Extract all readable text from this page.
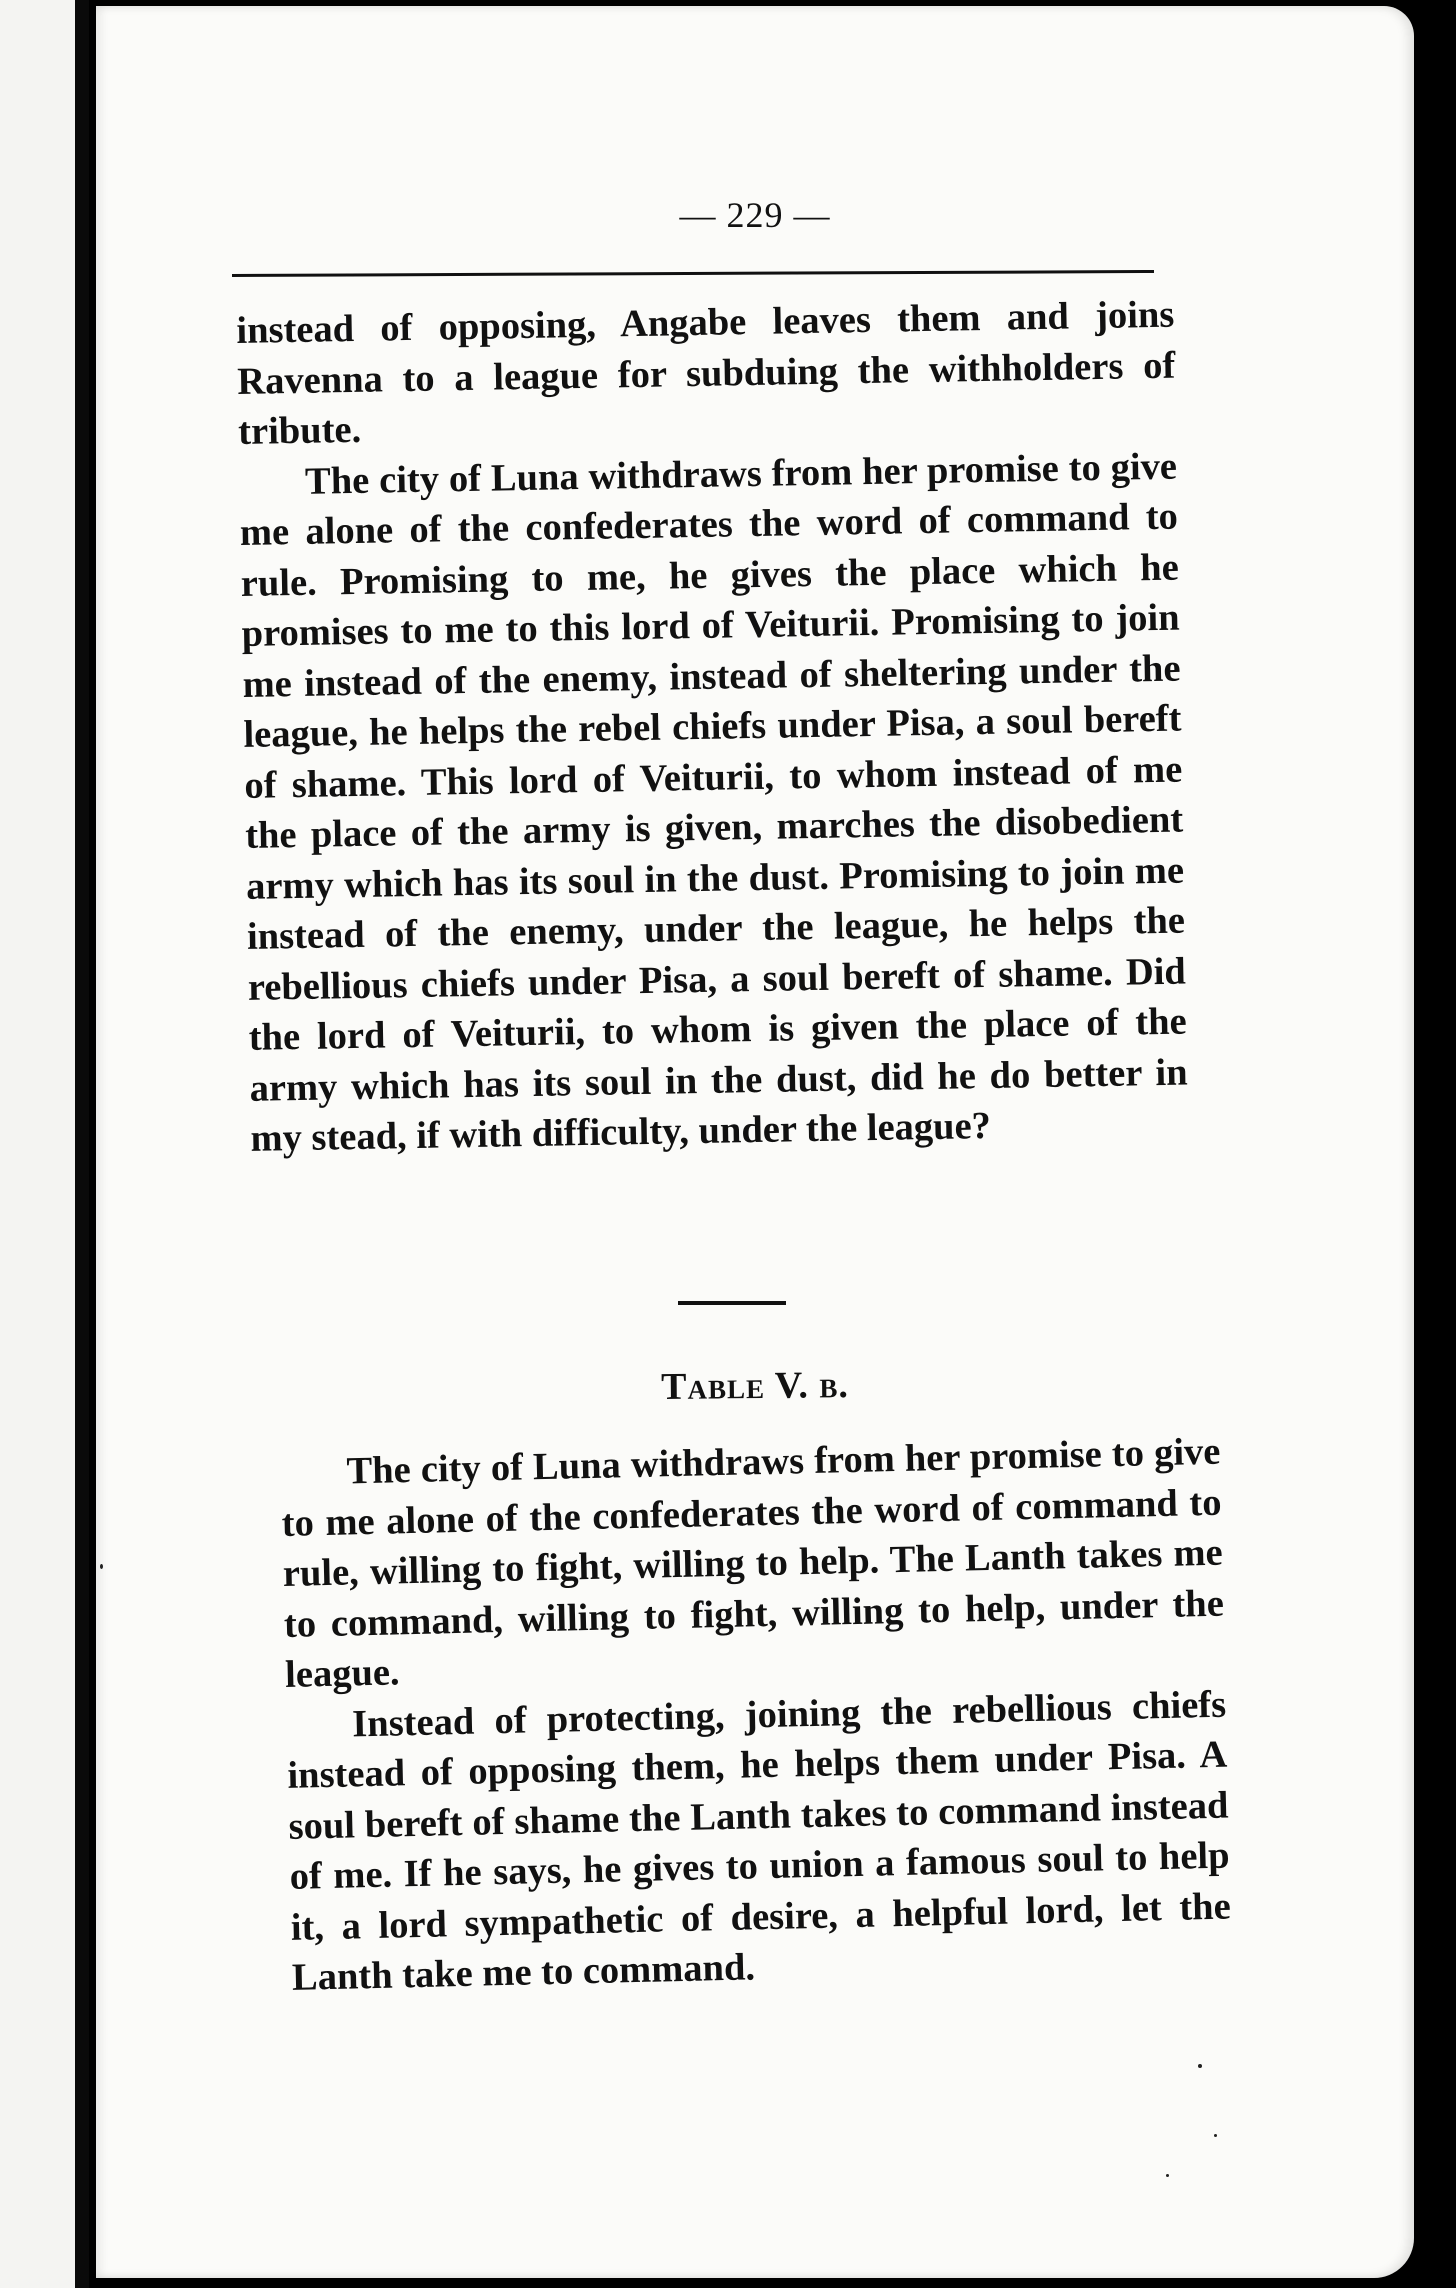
— 229 —

instead of opposing, Angabe leaves them and joins Ravenna to a league for subduing the withholders of tribute.

The city of Luna withdraws from her promise to give me alone of the confederates the word of command to rule. Promising to me, he gives the place which he promises to me to this lord of Veiturii. Promising to join me instead of the enemy, instead of sheltering under the league, he helps the rebel chiefs under Pisa, a soul bereft of shame. This lord of Veiturii, to whom instead of me the place of the army is given, marches the disobedient army which has its soul in the dust. Promising to join me instead of the enemy, under the league, he helps the rebellious chiefs under Pisa, a soul bereft of shame. Did the lord of Veiturii, to whom is given the place of the army which has its soul in the dust, did he do better in my stead, if with difficulty, under the league?

Table V. b.

The city of Luna withdraws from her promise to give to me alone of the confederates the word of command to rule, willing to fight, willing to help. The Lanth takes me to command, willing to fight, willing to help, under the league.

Instead of protecting, joining the rebellious chiefs instead of opposing them, he helps them under Pisa. A soul bereft of shame the Lanth takes to command instead of me. If he says, he gives to union a famous soul to help it, a lord sympathetic of desire, a helpful lord, let the Lanth take me to command.
